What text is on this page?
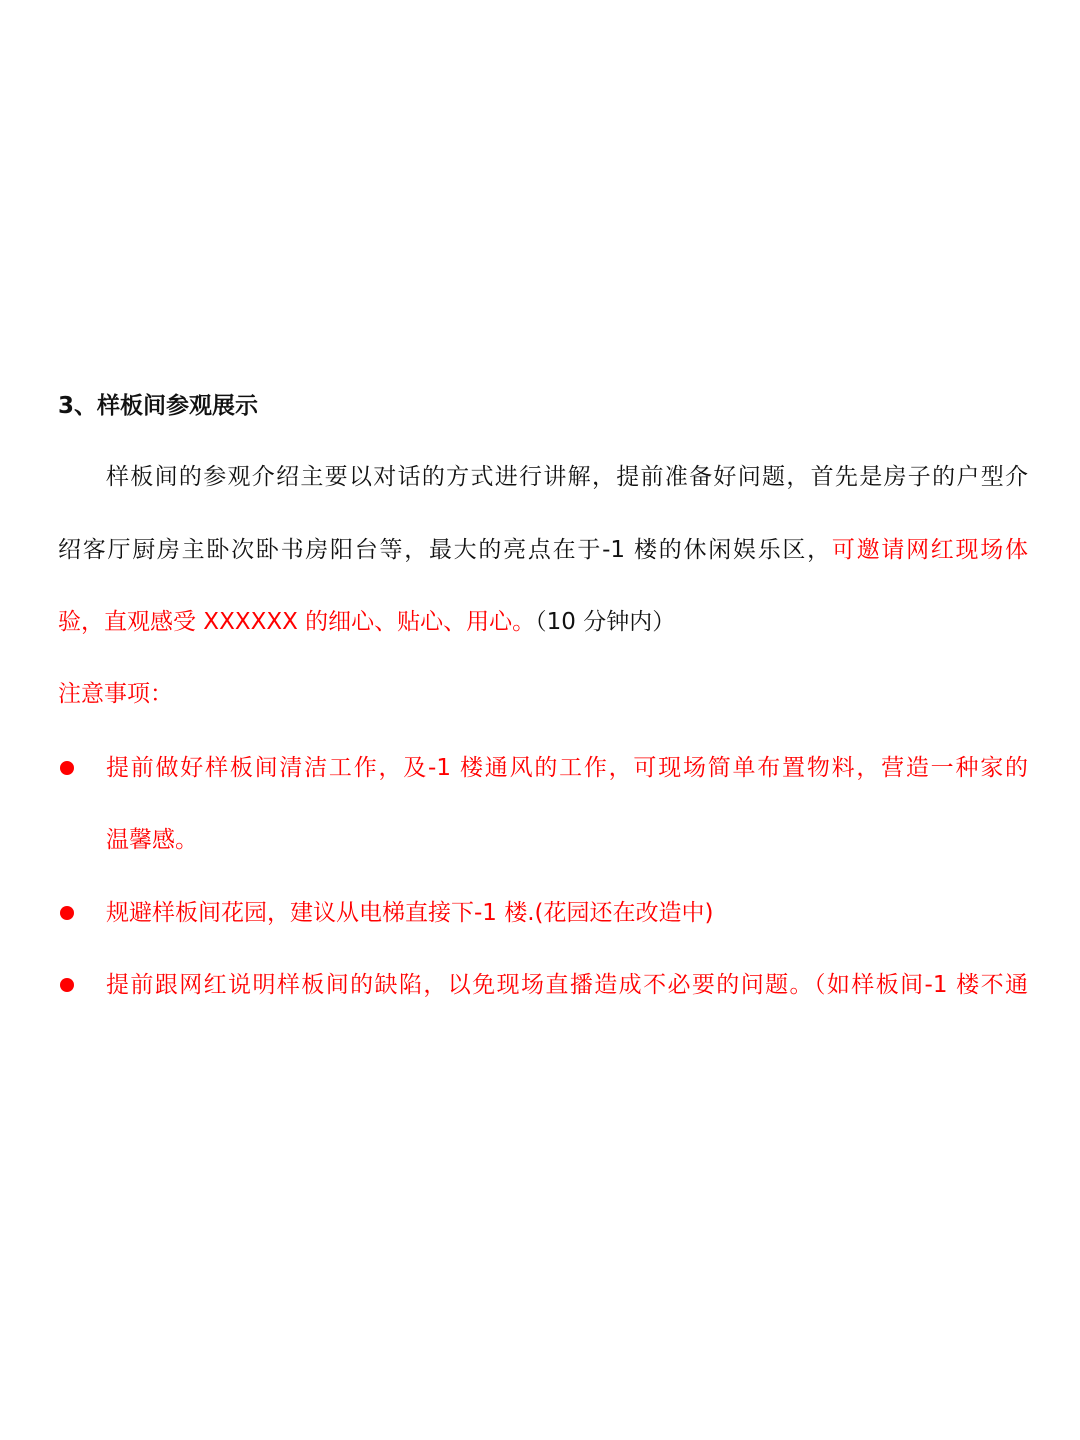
3、样板间参观展示
样板间的参观介绍主要以对话的方式进行讲解，提前准备好问题，首先是房子的户型介
绍客厅厨房主卧次卧书房阳台等，最大的亮点在于-1 楼的休闲娱乐区，可邀请网红现场体
验，直观感受 XXXXXX 的细心、贴心、用心。（10 分钟内）
注意事项：
提前做好样板间清洁工作，及-1 楼通风的工作，可现场简单布置物料，营造一种家的
温馨感。
规避样板间花园，建议从电梯直接下-1 楼.(花园还在改造中)
提前跟网红说明样板间的缺陷，以免现场直播造成不必要的问题。（如样板间-1 楼不通
